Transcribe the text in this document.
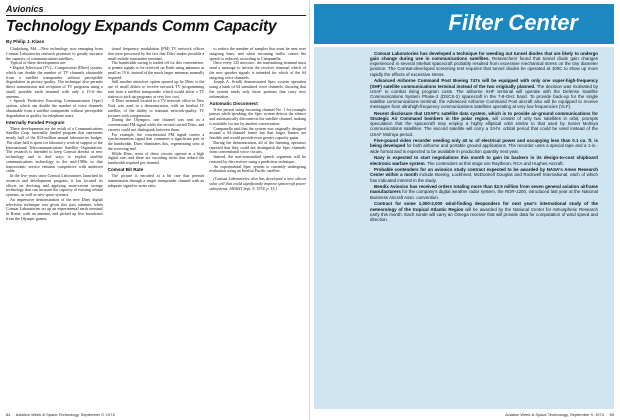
Avionics
Technology Expands Comm Capacity
By Philip J. Klass

Clarksburg, Md.—New technology now emerging from Comsat Laboratories research promises to greatly increase the capacity of communications satellites.

Typical of these developments are:

• Digital Television (TV)—Compression (Ditec) system, which can double the number of TV channels obtainable from a satellite transponder without perceptible degradation in picture quality. The technique also permits direct transmission and reception of TV programs using a small, portable earth terminal with only a 15-ft.-dia. antenna.

• Speech Predictive Encoding Communication (Spec) system, which can double the number of voice channels obtainable from a satellite transponder without perceptible degradation in quality for telephone users.

Internally Funded Program

These developments are the result of a Communications Satellite Corp. internally funded program that represents nearly half of the $13-million annual laboratories budget. The other half is spent for laboratory work in support of the International Telecommunications Satellite Organization. The research is intended to keep Comsat abreast of new technology and to find ways to exploit satellite communications technology in the mid-1980s so that transoceanic service remains competitive with undersea cable.

In the five years since Comsat Laboratories launched its research and development program, it has focused its efforts on devising and applying more-recent storage technology that can increase the capacity of existing orbital systems, as well as new space systems.

An impressive demonstration of the new Ditec digital television technique was given this past summer, when Comsat Laboratories set up an experimental earth terminal in Rome, with an antenna, and picked up live broadcasts from the Olympic games.

tional frequency modulation (FM) TV network offices that were processed by the fact that Ditec makes possible a small mobile transmitter terminal.

The bandwidth saving is traded off for this convenience, to permit signals to be received on Earth using antennas as small as 15 ft. instead of the much larger antennas normally required.

Still another attractive option opened up by Ditec is the use of small dishes to receive network TV programming sent from a satellite transponder, which would allow a TV station to pick up programs at very low cost.

A Ditec terminal located in a TV network office in New York was used in a demonstration, with an Intelsat IV satellite, of the ability to transmit network-quality TV pictures with compression.

During the Olympics, one channel was sent as a conventional FM signal while the second carried Ditec, and viewers could not distinguish between them.

For example, the conventional FM signal carries a synchronization signal that consumes a significant part of the bandwidth. Ditec eliminates this, regenerating sync at the receiving end.

While Ditec, most of these circuits operate at a high digital rate, and there are encoding tricks that reduce the bandwidth required per channel.

Comsat Bit Rate

The picture is encoded at a bit rate that permits transmission through a single transponder channel with an adequate signal-to-noise ratio.

to reduce the number of samples that must be sent over outgoing lines, and when incoming traffic ceases the speech is reduced, according to Campanella.

Once every 125 microsec. the transmitting terminal must send a message to inform the receiver terminal which of the new speaker signals is intended for which of the 64 outgoing voice channels.

Joseph A. Sciulli demonstrated Spec system operation using a bank of 64 simulated voice channels, showing that the system sends only those portions that carry new information.

Automatic Disconnect

If the person using incoming channel No. 1 for example pauses while speaking, the Spec system detects the silence and automatically disconnects the satellite channel, making it available for use by another conversation.

Campanella said that the system was originally designed around a 64-channel frame but that larger frames are feasible and would provide even greater capacity gains.

During the demonstration, all of the listening operators reported that they could not distinguish the Spec channels from conventional voice circuits.

Instead, the non-transmitted speech segments will be restored by the receiver using a prediction technique.

An experimental Spec system is currently undergoing evaluation using an Intelsat Pacific satellite.

(Comsat Laboratories also has developed a new silicon solar cell that could significantly improve spacecraft power subsystems. AW&ST Sept. 9, 1974, p. 15.)

Filter Center

Comsat Laboratories has developed a technique for weeding out tunnel diodes that are likely to undergo gain change during use in communications satellites. Researchers found that tunnel diode gain changes experienced in several Intelsat spacecraft probably resulted from excessive mechanical stress on the tiny diameter junction. The Comsat-developed screening test requires that tunnel diodes be operated at 100C to show up more rapidly the effects of excessive stress.

Advanced Airborne Command Post Boeing 747s will be equipped with only one super-high-frequency (SHF) satellite communications terminal instead of the two originally planned. The decision was motivated by USAF to combat rising program costs. The airborne SHF terminal will operate with the Defense Satellite Communications System Phase-2 (DSCS-2) spacecraft in the 7-8-GHz band. To provide back-up for the single satellite communications terminal, the Advanced Airborne Command Post aircraft also will be equipped to receive messages from ultrahigh-frequency communications satellites operating at very low frequencies (VLF).

Recent disclosure that USAF's satellite data system, which is to provide air-ground communications for Strategic Air Command bombers in the polar region, will consist of only two satellites in orbit, prompts speculation that the spacecraft may employ a highly elliptical orbit similar to that used by Soviet Molniya communications satellites. The second satellite will carry a 24-hr. orbital period that could be used instead of the USAF Molniya period.

Five-pound video recorder needing only 40 w. of electrical power and occupying less than 0.1 cu. ft. is being developed for both airborne and portable ground applications. The recorder uses a special tape and a 1-in.-wide format and is expected to be available in production quantity next year.

Navy is expected to start negotiations this month to gain its backers in its design-to-cost shipboard electronic warfare system. The contenders at this stage are Raytheon, RCA and Hughes Aircraft.

Probable contenders for an avionics study contract expected to be awarded by NASA's Ames Research Center within a month include Boeing, Lockheed, McDonnell Douglas and Rockwell International, each of which has indicated interest in the study.

Bendix Avionics has received orders totaling more than $2.5 million from seven general aviation airframe manufacturers for the company's digital weather radar system, the RDR-1200, introduced last year at the National Business Aircraft Assn. convention.

Contract for some 1,000-2,000 wind-finding desponders for next year's international study of the meteorology of the tropical Atlantic Region will be awarded by the National Center for Atmospheric Research early this month. Each sonde will carry an Omega receiver that will provide data for computation of wind speed and direction.

84 Aviation Week & Space Technology, September 9, 1974	Aviation Week & Space Technology, September 9, 1974 85
